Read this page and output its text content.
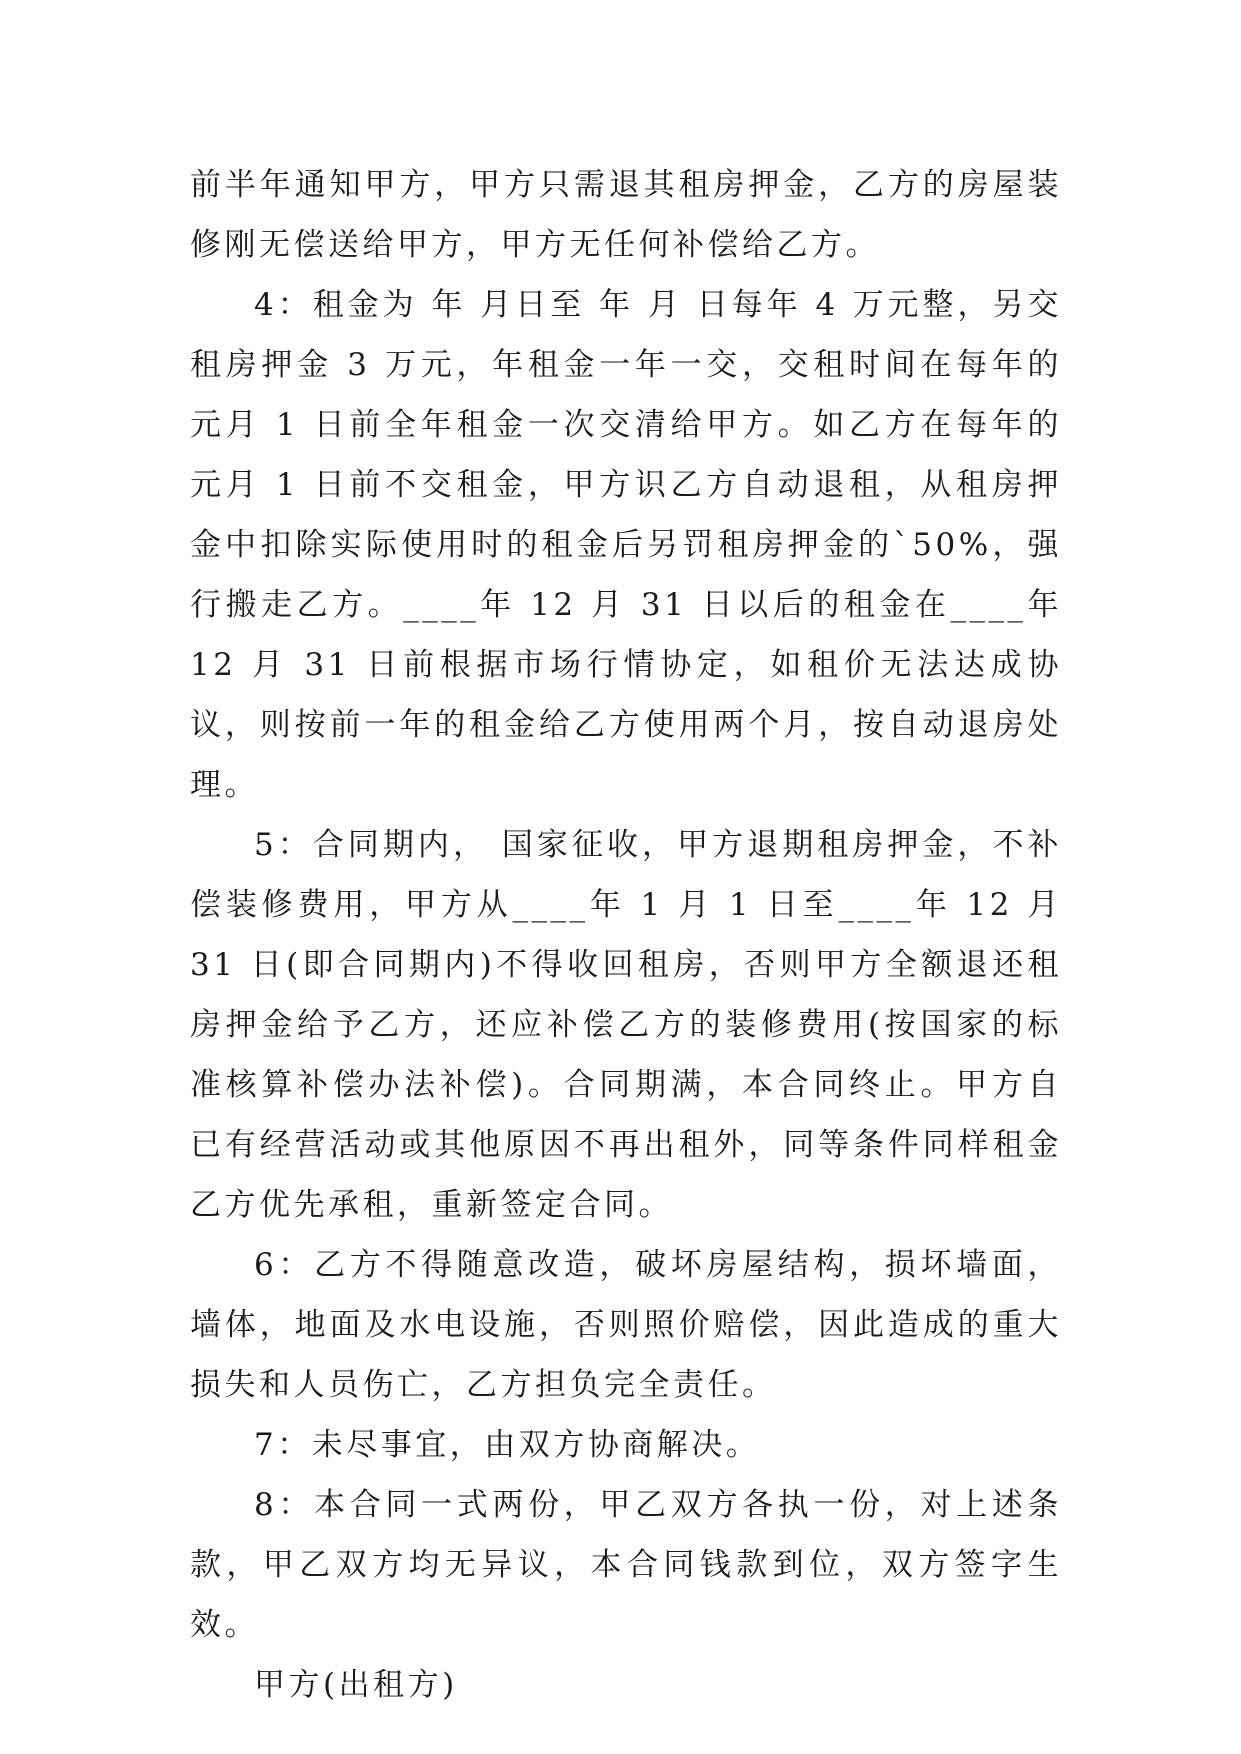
前半年通知甲方，甲方只需退其租房押金，乙方的房屋装修刚无偿送给甲方，甲方无任何补偿给乙方。

4：租金为 年 月日至 年 月 日每年 4 万元整，另交租房押金 3 万元，年租金一年一交，交租时间在每年的元月 1 日前全年租金一次交清给甲方。如乙方在每年的元月 1 日前不交租金，甲方识乙方自动退租，从租房押金中扣除实际使用时的租金后另罚租房押金的`50%，强行搬走乙方。____年 12 月 31 日以后的租金在____年 12 月 31 日前根据市场行情协定，如租价无法达成协议，则按前一年的租金给乙方使用两个月，按自动退房处理。

5：合同期内， 国家征收，甲方退期租房押金，不补偿装修费用，甲方从____年 1 月 1 日至____年 12 月 31 日(即合同期内)不得收回租房，否则甲方全额退还租房押金给予乙方，还应补偿乙方的装修费用(按国家的标准核算补偿办法补偿)。合同期满，本合同终止。甲方自已有经营活动或其他原因不再出租外，同等条件同样租金乙方优先承租，重新签定合同。

6：乙方不得随意改造，破坏房屋结构，损坏墙面，墙体，地面及水电设施，否则照价赔偿，因此造成的重大损失和人员伤亡，乙方担负完全责任。

7：未尽事宜，由双方协商解决。

8：本合同一式两份，甲乙双方各执一份，对上述条款，甲乙双方均无异议，本合同钱款到位，双方签字生效。

甲方(出租方)
